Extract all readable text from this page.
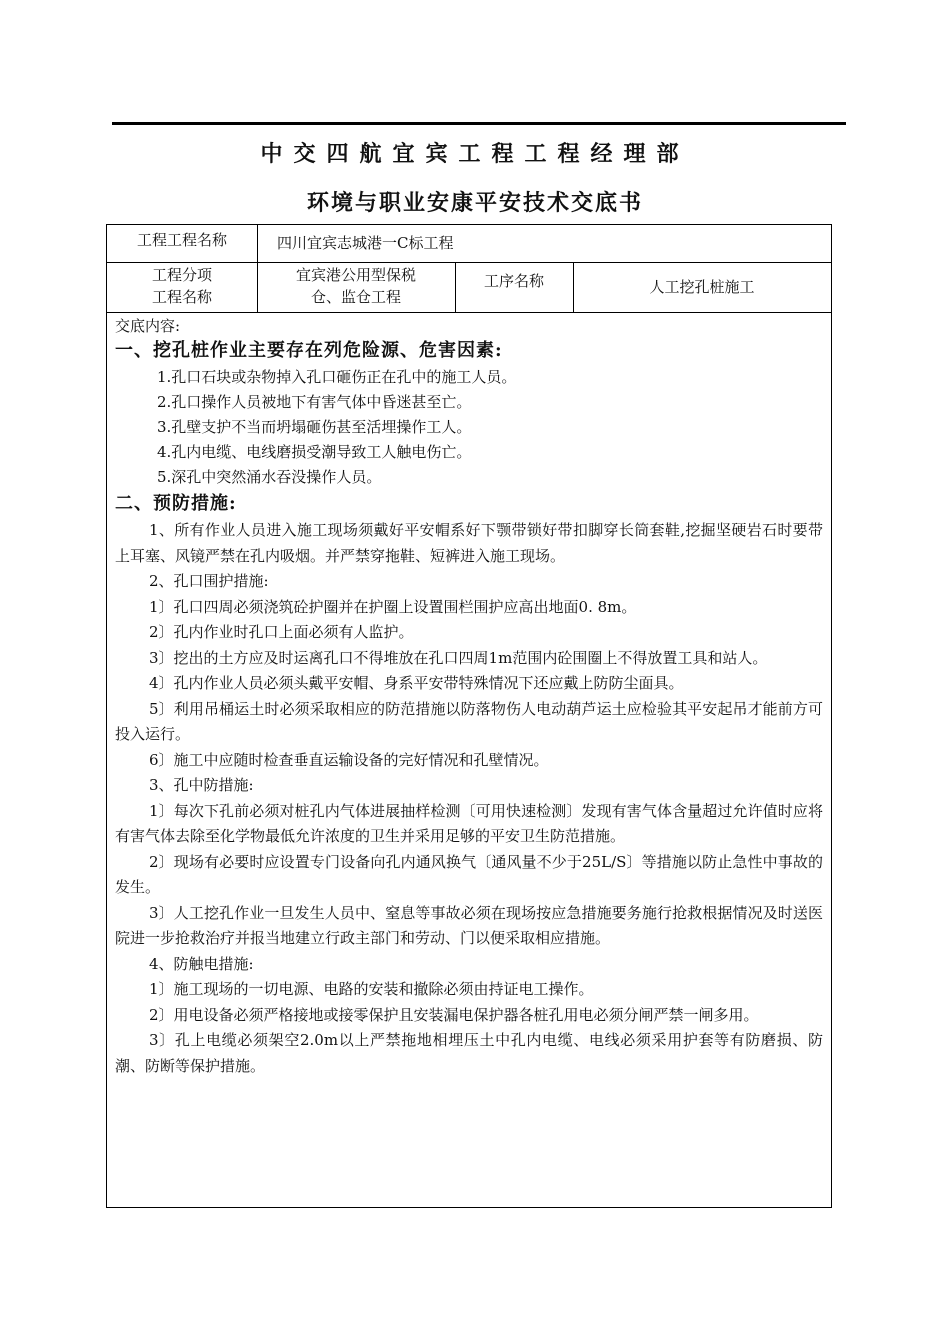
中交四航宜宾工程工程经理部
环境与职业安康平安技术交底书
工程工程名称	四川宜宾志城港一C标工程
工程分项
工程名称
宜宾港公用型保税
仓、监仓工程
工序名称	人工挖孔桩施工

交底内容:

一、挖孔桩作业主要存在列危险源、危害因素:

1.孔口石块或杂物掉入孔口砸伤正在孔中的施工人员。

2.孔口操作人员被地下有害气体中昏迷甚至亡。

3.孔壁支护不当而坍塌砸伤甚至活埋操作工人。

4.孔内电缆、电线磨损受潮导致工人触电伤亡。

5.深孔中突然涌水吞没操作人员。

二、预防措施:

1、所有作业人员进入施工现场须戴好平安帽系好下颚带锁好带扣脚穿长筒套鞋,挖掘坚硬岩石时要带上耳塞、风镜严禁在孔内吸烟。并严禁穿拖鞋、短裤进入施工现场。

2、孔口围护措施:

1〕孔口四周必须浇筑砼护圈并在护圈上设置围栏围护应高出地面0. 8m。

2〕孔内作业时孔口上面必须有人监护。

3〕挖出的土方应及时运离孔口不得堆放在孔口四周1m范围内砼围圈上不得放置工具和站人。

4〕孔内作业人员必须头戴平安帽、身系平安带特殊情况下还应戴上防防尘面具。

5〕利用吊桶运土时必须采取相应的防范措施以防落物伤人电动葫芦运土应检验其平安起吊才能前方可投入运行。

6〕施工中应随时检查垂直运输设备的完好情况和孔壁情况。

3、孔中防措施:

1〕每次下孔前必须对桩孔内气体进展抽样检测〔可用快速检测〕发现有害气体含量超过允许值时应将有害气体去除至化学物最低允许浓度的卫生并采用足够的平安卫生防范措施。

2〕现场有必要时应设置专门设备向孔内通风换气〔通风量不少于25L/S〕等措施以防止急性中事故的发生。

3〕人工挖孔作业一旦发生人员中、窒息等事故必须在现场按应急措施要务施行抢救根据情况及时送医院进一步抢救治疗并报当地建立行政主部门和劳动、门以便采取相应措施。

4、防触电措施:

1〕施工现场的一切电源、电路的安装和撤除必须由持证电工操作。

2〕用电设备必须严格接地或接零保护且安装漏电保护器各桩孔用电必须分闸严禁一闸多用。

3〕孔上电缆必须架空2.0m以上严禁拖地相埋压土中孔内电缆、电线必须采用护套等有防磨损、防潮、防断等保护措施。
